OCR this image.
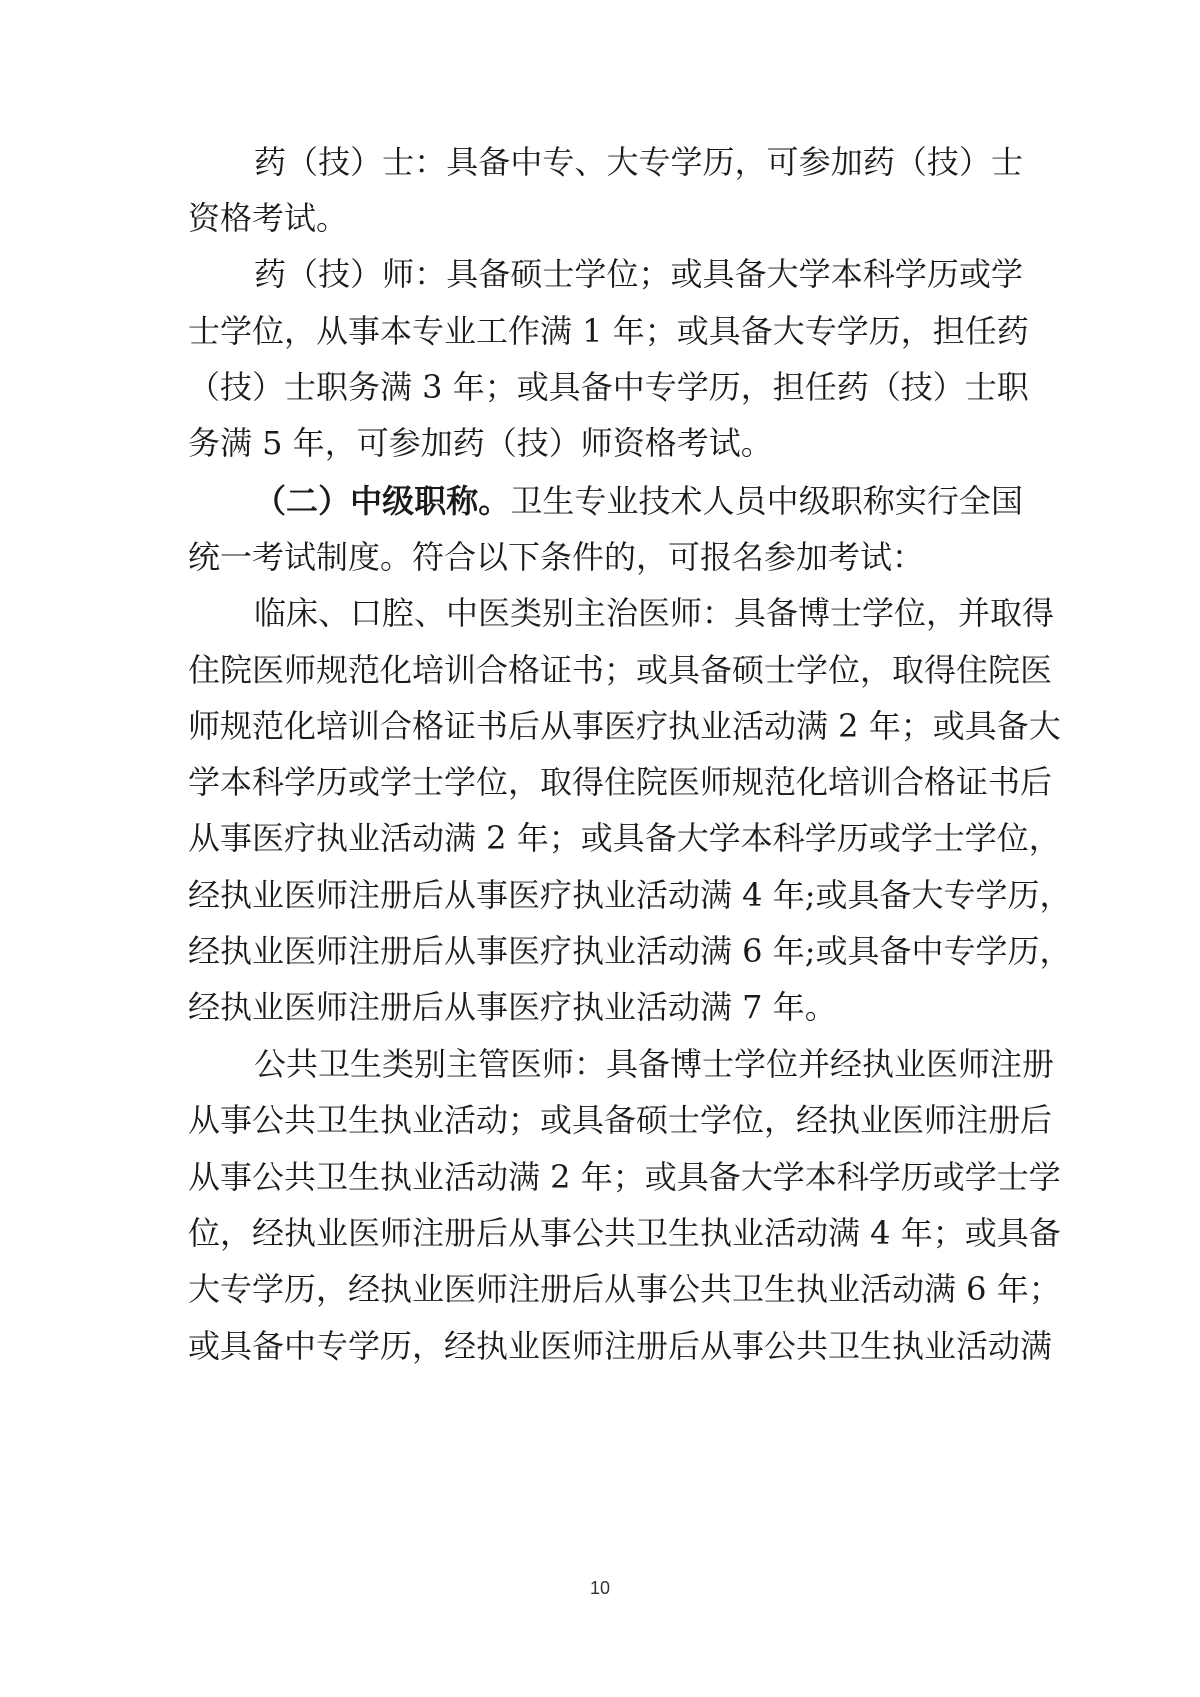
药（技）士：具备中专、大专学历，可参加药（技）士
资格考试。
药（技）师：具备硕士学位；或具备大学本科学历或学
士学位，从事本专业工作满 1 年；或具备大专学历，担任药
（技）士职务满 3 年；或具备中专学历，担任药（技）士职
务满 5 年，可参加药（技）师资格考试。
（二）中级职称。卫生专业技术人员中级职称实行全国
统一考试制度。符合以下条件的，可报名参加考试：
临床、口腔、中医类别主治医师：具备博士学位，并取得
住院医师规范化培训合格证书；或具备硕士学位，取得住院医
师规范化培训合格证书后从事医疗执业活动满 2 年；或具备大
学本科学历或学士学位，取得住院医师规范化培训合格证书后
从事医疗执业活动满 2 年；或具备大学本科学历或学士学位，
经执业医师注册后从事医疗执业活动满 4 年;或具备大专学历，
经执业医师注册后从事医疗执业活动满 6 年;或具备中专学历，
经执业医师注册后从事医疗执业活动满 7 年。
公共卫生类别主管医师：具备博士学位并经执业医师注册
从事公共卫生执业活动；或具备硕士学位，经执业医师注册后
从事公共卫生执业活动满 2 年；或具备大学本科学历或学士学
位，经执业医师注册后从事公共卫生执业活动满 4 年；或具备
大专学历，经执业医师注册后从事公共卫生执业活动满 6 年；
或具备中专学历，经执业医师注册后从事公共卫生执业活动满
10
